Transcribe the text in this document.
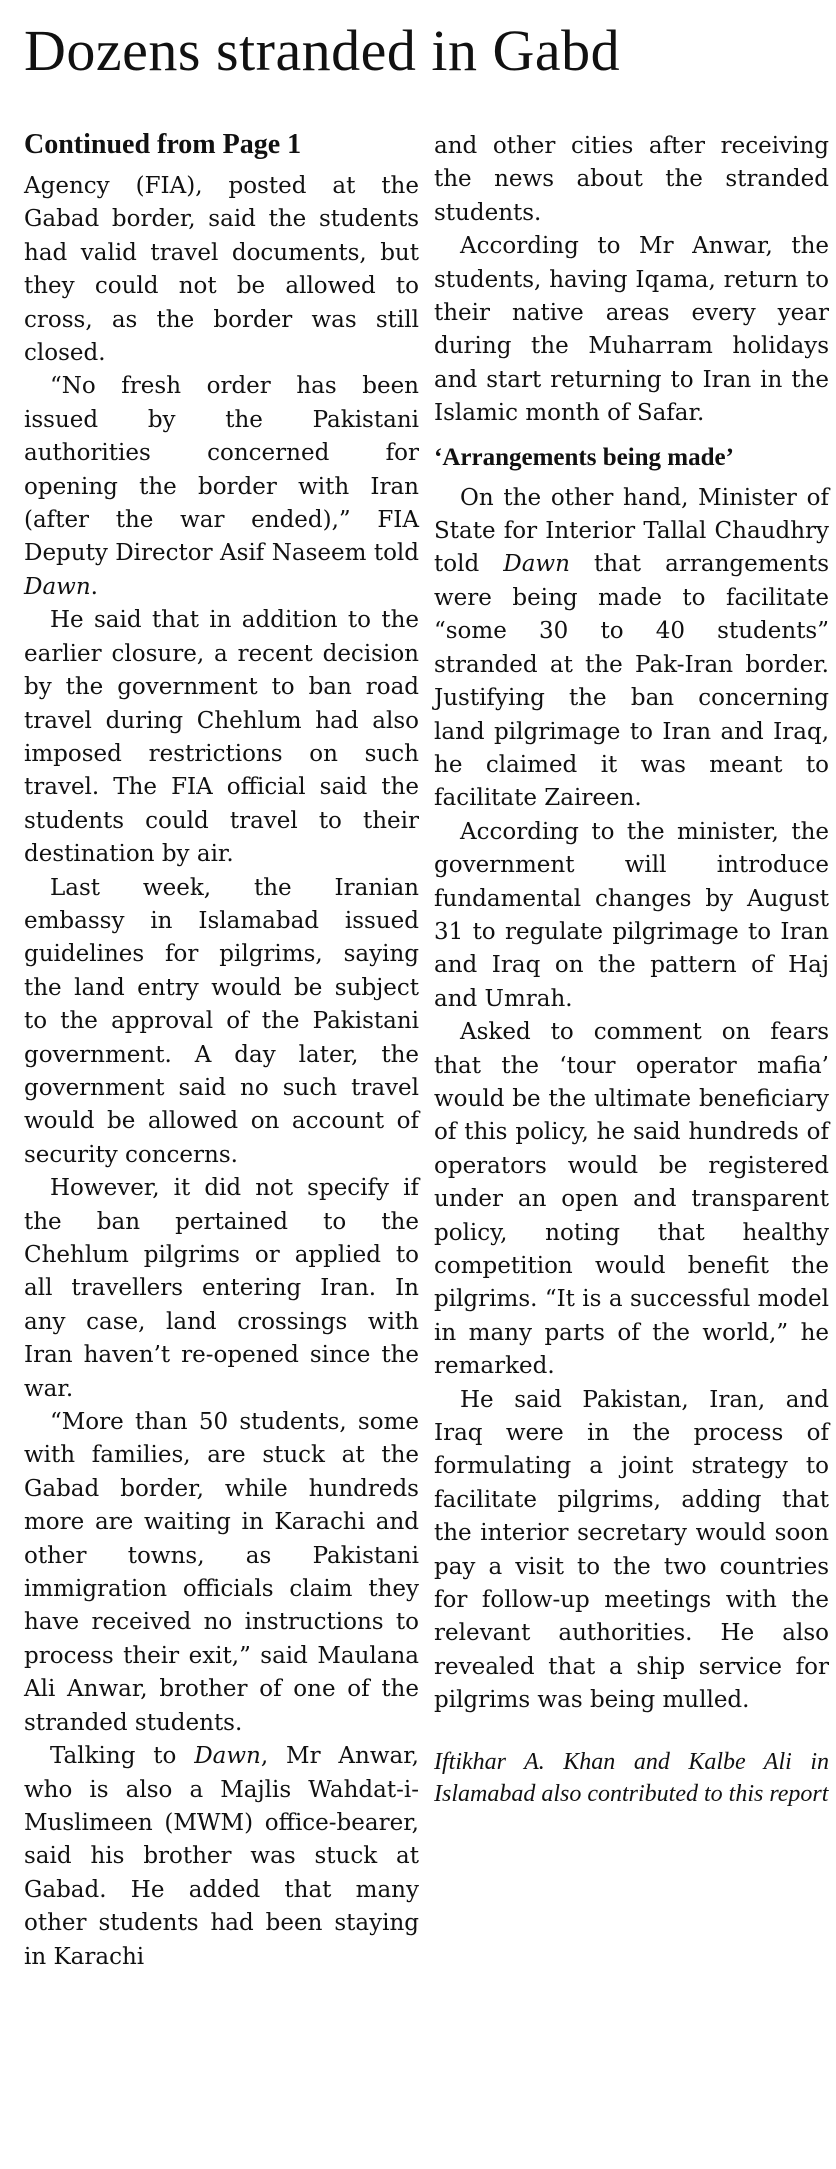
Dozens stranded in Gabd
Continued from Page 1

Agency (FIA), posted at the Gabad border, said the students had valid travel documents, but they could not be allowed to cross, as the border was still closed.

“No fresh order has been issued by the Pakistani authorities concerned for opening the border with Iran (after the war ended),” FIA Deputy Director Asif Naseem told Dawn.

He said that in addition to the earlier closure, a recent decision by the government to ban road travel during Chehlum had also imposed restrictions on such travel. The FIA official said the students could travel to their destination by air.

Last week, the Iranian embassy in Islamabad issued guidelines for pilgrims, saying the land entry would be subject to the approval of the Pakistani government. A day later, the government said no such travel would be allowed on account of security concerns.

However, it did not specify if the ban pertained to the Chehlum pilgrims or applied to all travellers entering Iran. In any case, land crossings with Iran haven’t re-opened since the war.

“More than 50 students, some with families, are stuck at the Gabad border, while hundreds more are waiting in Karachi and other towns, as Pakistani immigration officials claim they have received no instructions to process their exit,” said Maulana Ali Anwar, brother of one of the stranded students.

Talking to Dawn, Mr Anwar, who is also a Majlis Wahdat-i-Muslimeen (MWM) office-bearer, said his brother was stuck at Gabad. He added that many other students had been staying in Karachi

and other cities after receiving the news about the stranded students.

According to Mr Anwar, the students, having Iqama, return to their native areas every year during the Muharram holidays and start returning to Iran in the Islamic month of Safar.

‘Arrangements being made’

On the other hand, Minister of State for Interior Tallal Chaudhry told Dawn that arrangements were being made to facilitate “some 30 to 40 students” stranded at the Pak-Iran border. Justifying the ban concerning land pilgrimage to Iran and Iraq, he claimed it was meant to facilitate Zaireen.

According to the minister, the government will introduce fundamental changes by August 31 to regulate pilgrimage to Iran and Iraq on the pattern of Haj and Umrah.

Asked to comment on fears that the ‘tour operator mafia’ would be the ultimate beneficiary of this policy, he said hundreds of operators would be registered under an open and transparent policy, noting that healthy competition would benefit the pilgrims. “It is a successful model in many parts of the world,” he remarked.

He said Pakistan, Iran, and Iraq were in the process of formulating a joint strategy to facilitate pilgrims, adding that the interior secretary would soon pay a visit to the two countries for follow-up meetings with the relevant authorities. He also revealed that a ship service for pilgrims was being mulled.

Iftikhar A. Khan and Kalbe Ali in Islamabad also contributed to this report
